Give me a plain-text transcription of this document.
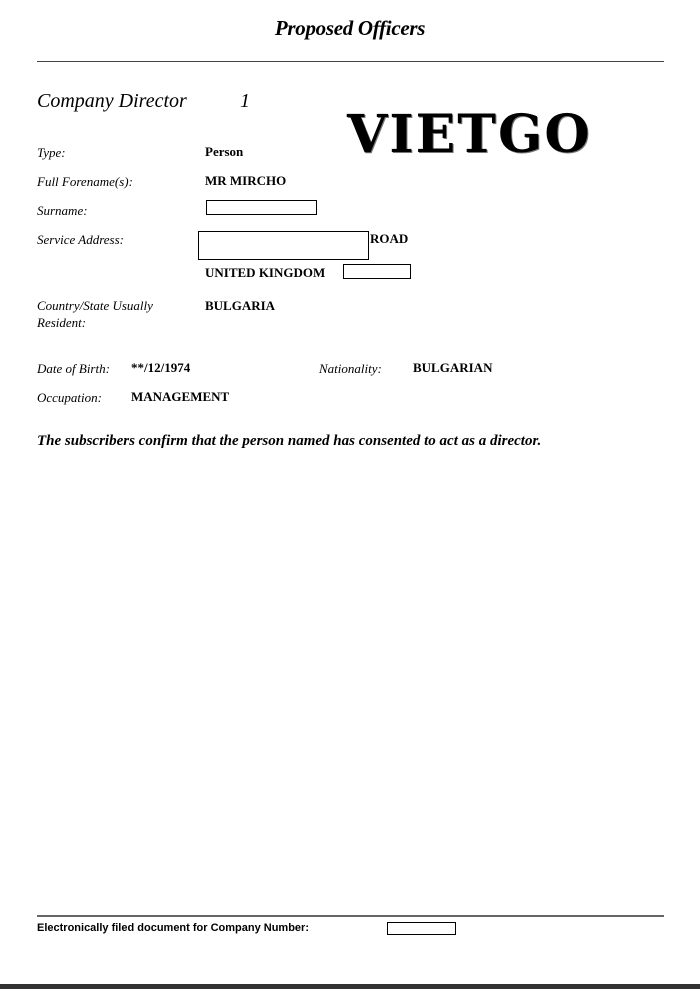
Proposed Officers
Company Director	1
VIETGO
Type:	Person
Full Forename(s):	MR MIRCHO
Surname:
Service Address:	ROAD
UNITED KINGDOM
Country/State Usually
Resident:
BULGARIA
Date of Birth: **/12/1974	Nationality: BULGARIAN
Occupation: MANAGEMENT
The subscribers confirm that the person named has consented to act as a director.
Electronically filed document for Company Number:
